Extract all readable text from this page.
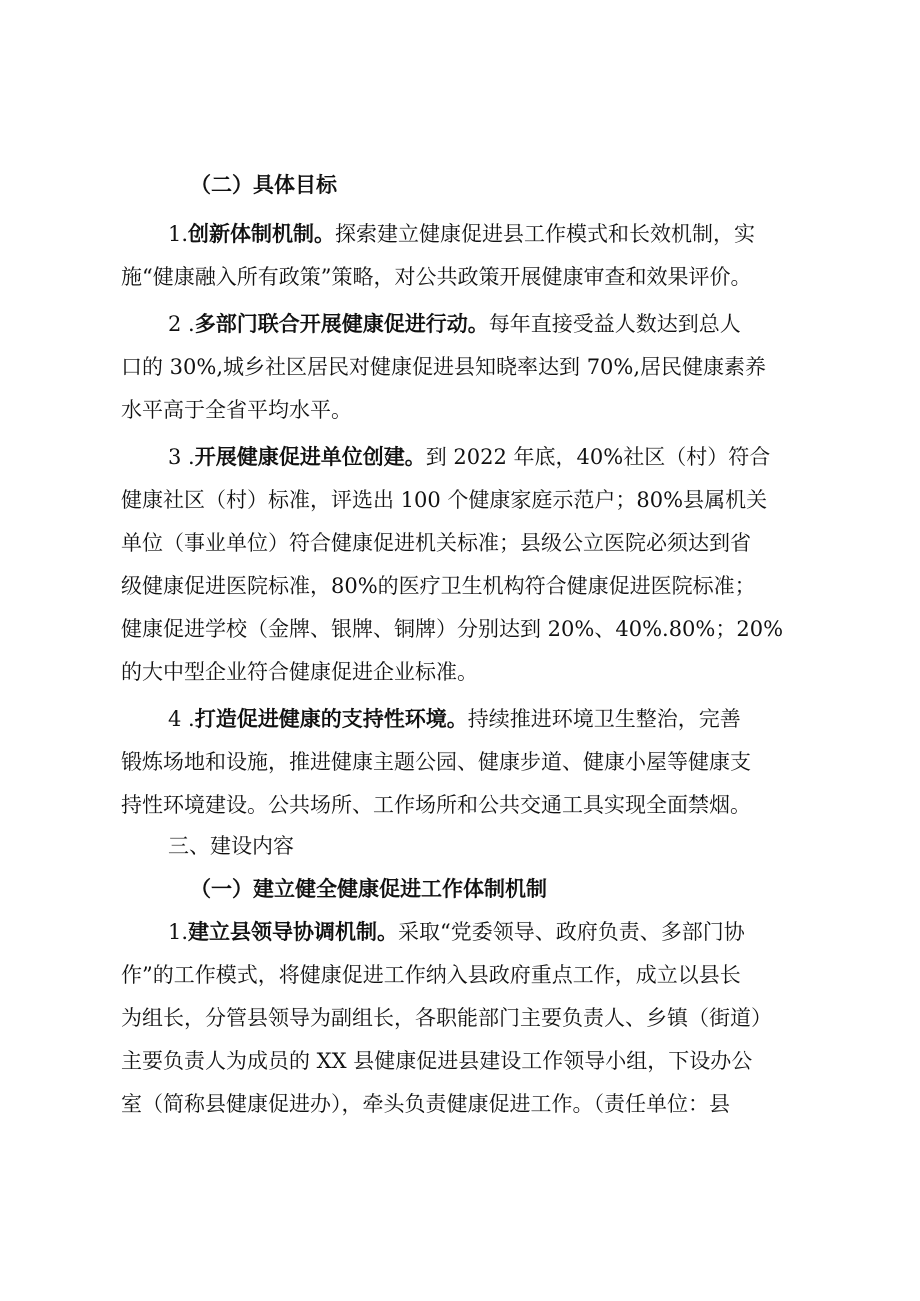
（二）具体目标
1.创新体制机制。探索建立健康促进县工作模式和长效机制，实
施“健康融入所有政策”策略，对公共政策开展健康审查和效果评价。
2 .多部门联合开展健康促进行动。每年直接受益人数达到总人
口的 30%,城乡社区居民对健康促进县知晓率达到 70%,居民健康素养
水平高于全省平均水平。
3 .开展健康促进单位创建。到 2022 年底，40%社区（村）符合
健康社区（村）标准，评选出 100 个健康家庭示范户；80%县属机关
单位（事业单位）符合健康促进机关标准；县级公立医院必须达到省
级健康促进医院标准，80%的医疗卫生机构符合健康促进医院标准；
健康促进学校（金牌、银牌、铜牌）分别达到 20%、40%.80%；20%
的大中型企业符合健康促进企业标准。
4 .打造促进健康的支持性环境。持续推进环境卫生整治，完善
锻炼场地和设施，推进健康主题公园、健康步道、健康小屋等健康支
持性环境建设。公共场所、工作场所和公共交通工具实现全面禁烟。
三、建设内容
（一）建立健全健康促进工作体制机制
1.建立县领导协调机制。采取“党委领导、政府负责、多部门协
作”的工作模式，将健康促进工作纳入县政府重点工作，成立以县长
为组长，分管县领导为副组长，各职能部门主要负责人、乡镇（街道）
主要负责人为成员的 XX 县健康促进县建设工作领导小组，下设办公
室（简称县健康促进办），牵头负责健康促进工作。（责任单位：县
